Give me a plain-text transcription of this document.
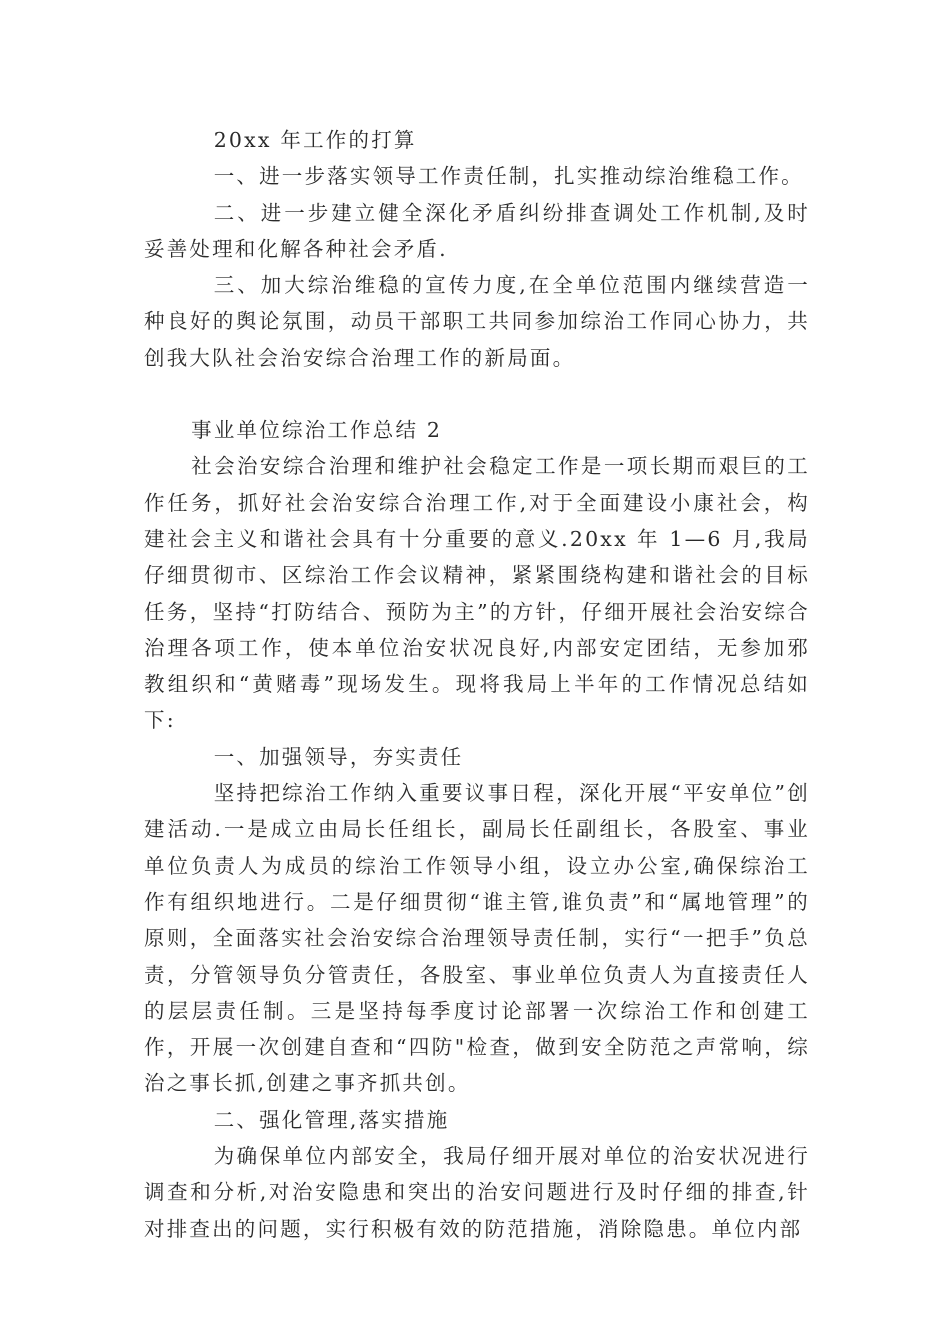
20xx 年工作的打算

一、进一步落实领导工作责任制，扎实推动综治维稳工作。

二、进一步建立健全深化矛盾纠纷排查调处工作机制,及时妥善处理和化解各种社会矛盾.

三、加大综治维稳的宣传力度,在全单位范围内继续营造一种良好的舆论氛围，动员干部职工共同参加综治工作同心协力，共创我大队社会治安综合治理工作的新局面。

事业单位综治工作总结 2

社会治安综合治理和维护社会稳定工作是一项长期而艰巨的工作任务，抓好社会治安综合治理工作,对于全面建设小康社会，构建社会主义和谐社会具有十分重要的意义.20xx 年 1—6 月,我局仔细贯彻市、区综治工作会议精神，紧紧围绕构建和谐社会的目标任务，坚持“打防结合、预防为主”的方针，仔细开展社会治安综合治理各项工作，使本单位治安状况良好,内部安定团结，无参加邪教组织和“黄赌毒”现场发生。现将我局上半年的工作情况总结如下:

一、加强领导，夯实责任

坚持把综治工作纳入重要议事日程，深化开展“平安单位”创建活动.一是成立由局长任组长，副局长任副组长，各股室、事业单位负责人为成员的综治工作领导小组，设立办公室,确保综治工作有组织地进行。二是仔细贯彻“谁主管,谁负责”和“属地管理”的原则，全面落实社会治安综合治理领导责任制，实行“一把手”负总责，分管领导负分管责任，各股室、事业单位负责人为直接责任人的层层责任制。三是坚持每季度讨论部署一次综治工作和创建工作，开展一次创建自查和“四防"检查，做到安全防范之声常响，综治之事长抓,创建之事齐抓共创。

二、强化管理,落实措施

为确保单位内部安全，我局仔细开展对单位的治安状况进行调查和分析,对治安隐患和突出的治安问题进行及时仔细的排查,针对排查出的问题，实行积极有效的防范措施，消除隐患。单位内部
